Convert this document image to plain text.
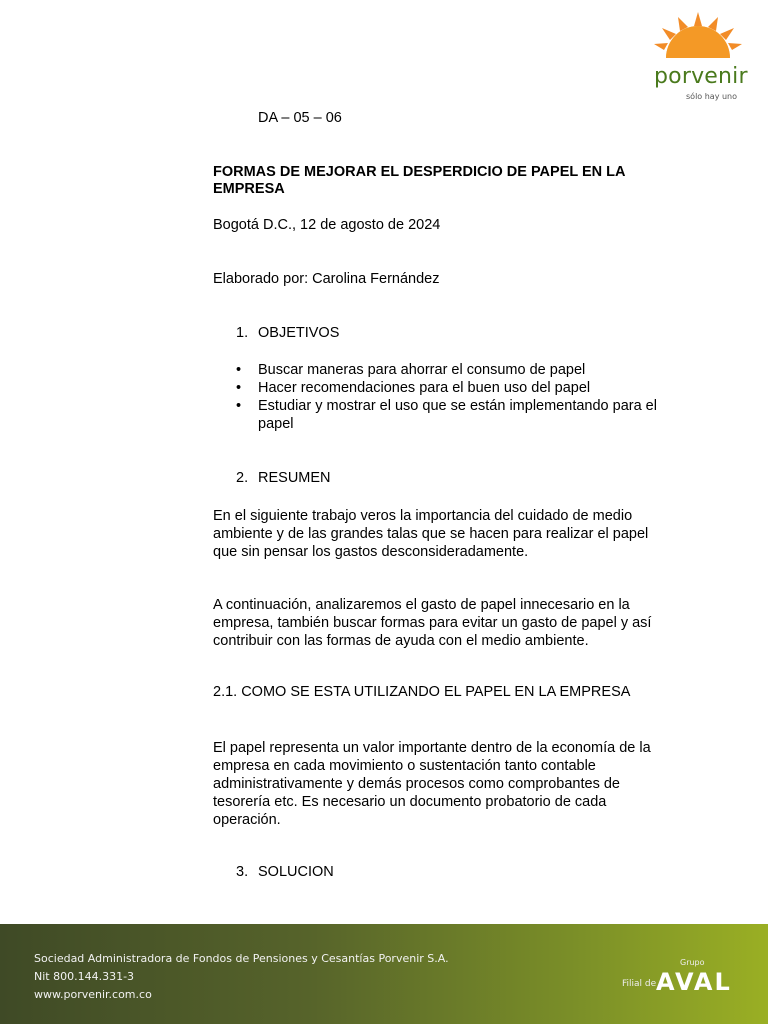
porvenir
sólo hay uno
DA – 05 – 06
FORMAS DE MEJORAR EL DESPERDICIO DE PAPEL EN LA EMPRESA
Bogotá D.C., 12 de agosto de 2024
Elaborado por: Carolina Fernández
1. OBJETIVOS
• Buscar maneras para ahorrar el consumo de papel
• Hacer recomendaciones para el buen uso del papel
• Estudiar y mostrar el uso que se están implementando para el papel
2. RESUMEN
En el siguiente trabajo veros la importancia del cuidado de medio ambiente y de las grandes talas que se hacen para realizar el papel que sin pensar los gastos desconsideradamente.
A continuación, analizaremos el gasto de papel innecesario en la empresa, también buscar formas para evitar un gasto de papel y así contribuir con las formas de ayuda con el medio ambiente.
2.1. COMO SE ESTA UTILIZANDO EL PAPEL EN LA EMPRESA
El papel representa un valor importante dentro de la economía de la empresa en cada movimiento o sustentación tanto contable administrativamente y demás procesos como comprobantes de tesorería etc. Es necesario un documento probatorio de cada operación.
3. SOLUCION
Sociedad Administradora de Fondos de Pensiones y Cesantías Porvenir S.A.
Nit 800.144.331-3
www.porvenir.com.co
Grupo
Filial de AVAL
